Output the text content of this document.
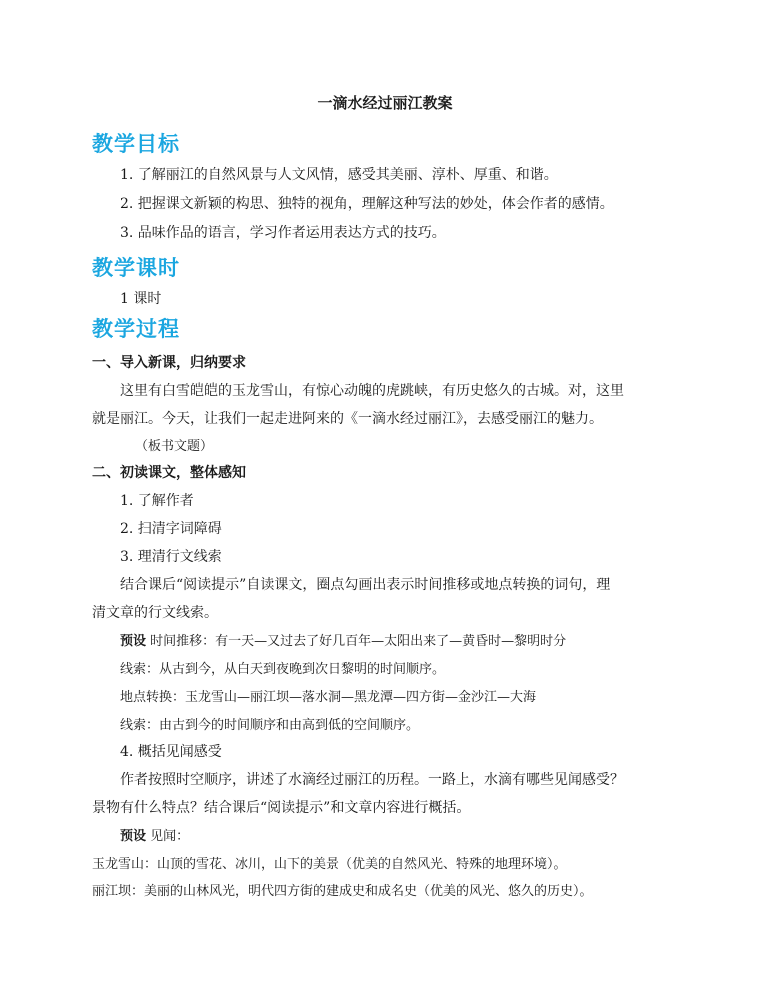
一滴水经过丽江教案
教学目标
1. 了解丽江的自然风景与人文风情，感受其美丽、淳朴、厚重、和谐。
2. 把握课文新颖的构思、独特的视角，理解这种写法的妙处，体会作者的感情。
3. 品味作品的语言，学习作者运用表达方式的技巧。
教学课时
1 课时
教学过程
一、导入新课，归纳要求
这里有白雪皑皑的玉龙雪山，有惊心动魄的虎跳峡，有历史悠久的古城。对，这里
就是丽江。今天，让我们一起走进阿来的《一滴水经过丽江》，去感受丽江的魅力。
（板书文题）
二、初读课文，整体感知
1. 了解作者
2. 扫清字词障碍
3. 理清行文线索
结合课后“阅读提示”自读课文，圈点勾画出表示时间推移或地点转换的词句，理
清文章的行文线索。
预设 时间推移：有一天—又过去了好几百年—太阳出来了—黄昏时—黎明时分
线索：从古到今，从白天到夜晚到次日黎明的时间顺序。
地点转换：玉龙雪山—丽江坝—落水洞—黑龙潭—四方街—金沙江—大海
线索：由古到今的时间顺序和由高到低的空间顺序。
4. 概括见闻感受
作者按照时空顺序，讲述了水滴经过丽江的历程。一路上，水滴有哪些见闻感受？
景物有什么特点？结合课后“阅读提示”和文章内容进行概括。
预设 见闻：
玉龙雪山：山顶的雪花、冰川，山下的美景（优美的自然风光、特殊的地理环境）。
丽江坝：美丽的山林风光，明代四方街的建成史和成名史（优美的风光、悠久的历史）。
